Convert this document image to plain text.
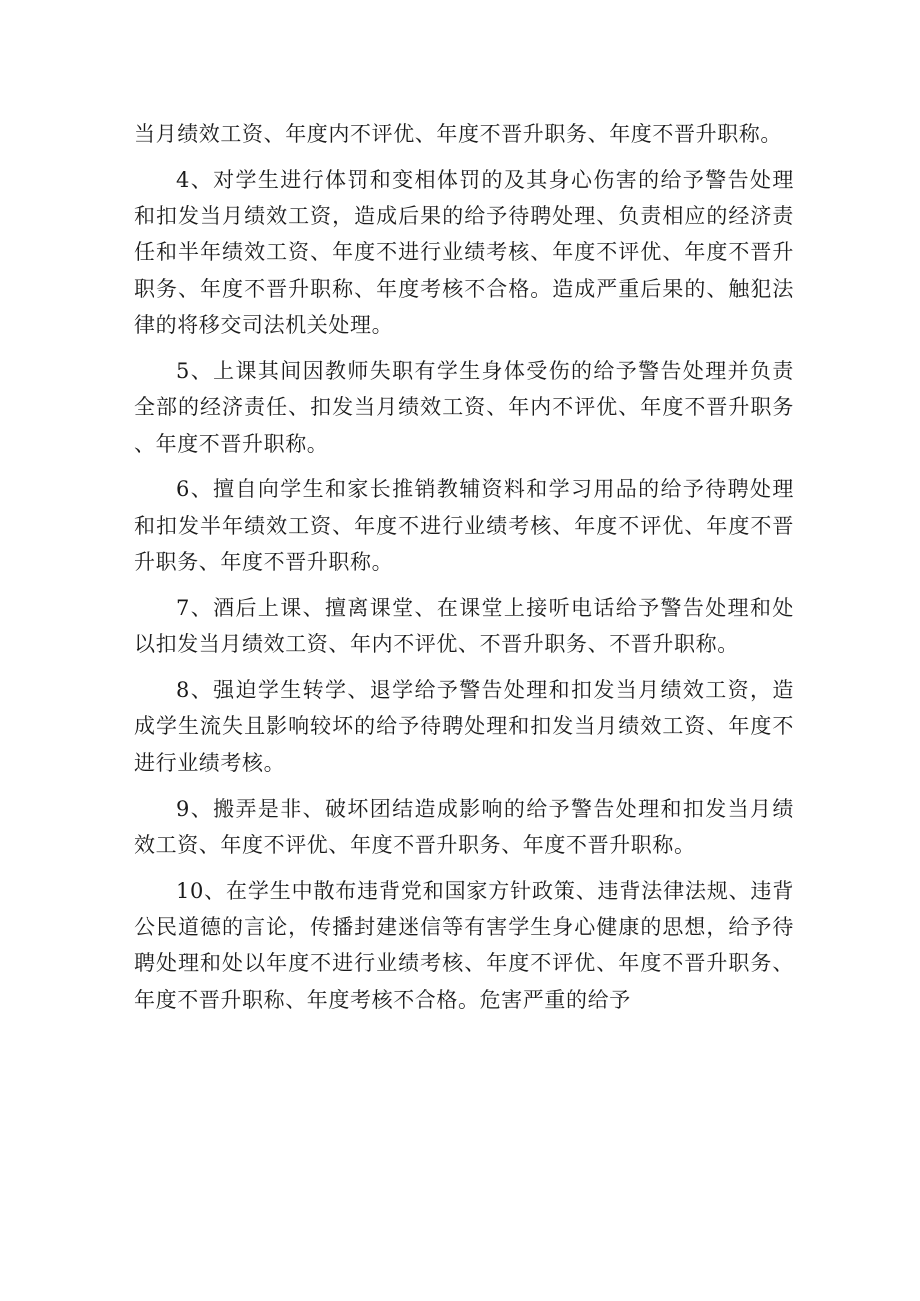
当月绩效工资、年度内不评优、年度不晋升职务、年度不晋升职称。

4、对学生进行体罚和变相体罚的及其身心伤害的给予警告处理和扣发当月绩效工资，造成后果的给予待聘处理、负责相应的经济责任和半年绩效工资、年度不进行业绩考核、年度不评优、年度不晋升职务、年度不晋升职称、年度考核不合格。造成严重后果的、触犯法律的将移交司法机关处理。

5、上课其间因教师失职有学生身体受伤的给予警告处理并负责全部的经济责任、扣发当月绩效工资、年内不评优、年度不晋升职务、年度不晋升职称。

6、擅自向学生和家长推销教辅资料和学习用品的给予待聘处理和扣发半年绩效工资、年度不进行业绩考核、年度不评优、年度不晋升职务、年度不晋升职称。

7、酒后上课、擅离课堂、在课堂上接听电话给予警告处理和处以扣发当月绩效工资、年内不评优、不晋升职务、不晋升职称。

8、强迫学生转学、退学给予警告处理和扣发当月绩效工资，造成学生流失且影响较坏的给予待聘处理和扣发当月绩效工资、年度不进行业绩考核。

9、搬弄是非、破坏团结造成影响的给予警告处理和扣发当月绩效工资、年度不评优、年度不晋升职务、年度不晋升职称。

10、在学生中散布违背党和国家方针政策、违背法律法规、违背公民道德的言论，传播封建迷信等有害学生身心健康的思想，给予待聘处理和处以年度不进行业绩考核、年度不评优、年度不晋升职务、年度不晋升职称、年度考核不合格。危害严重的给予
